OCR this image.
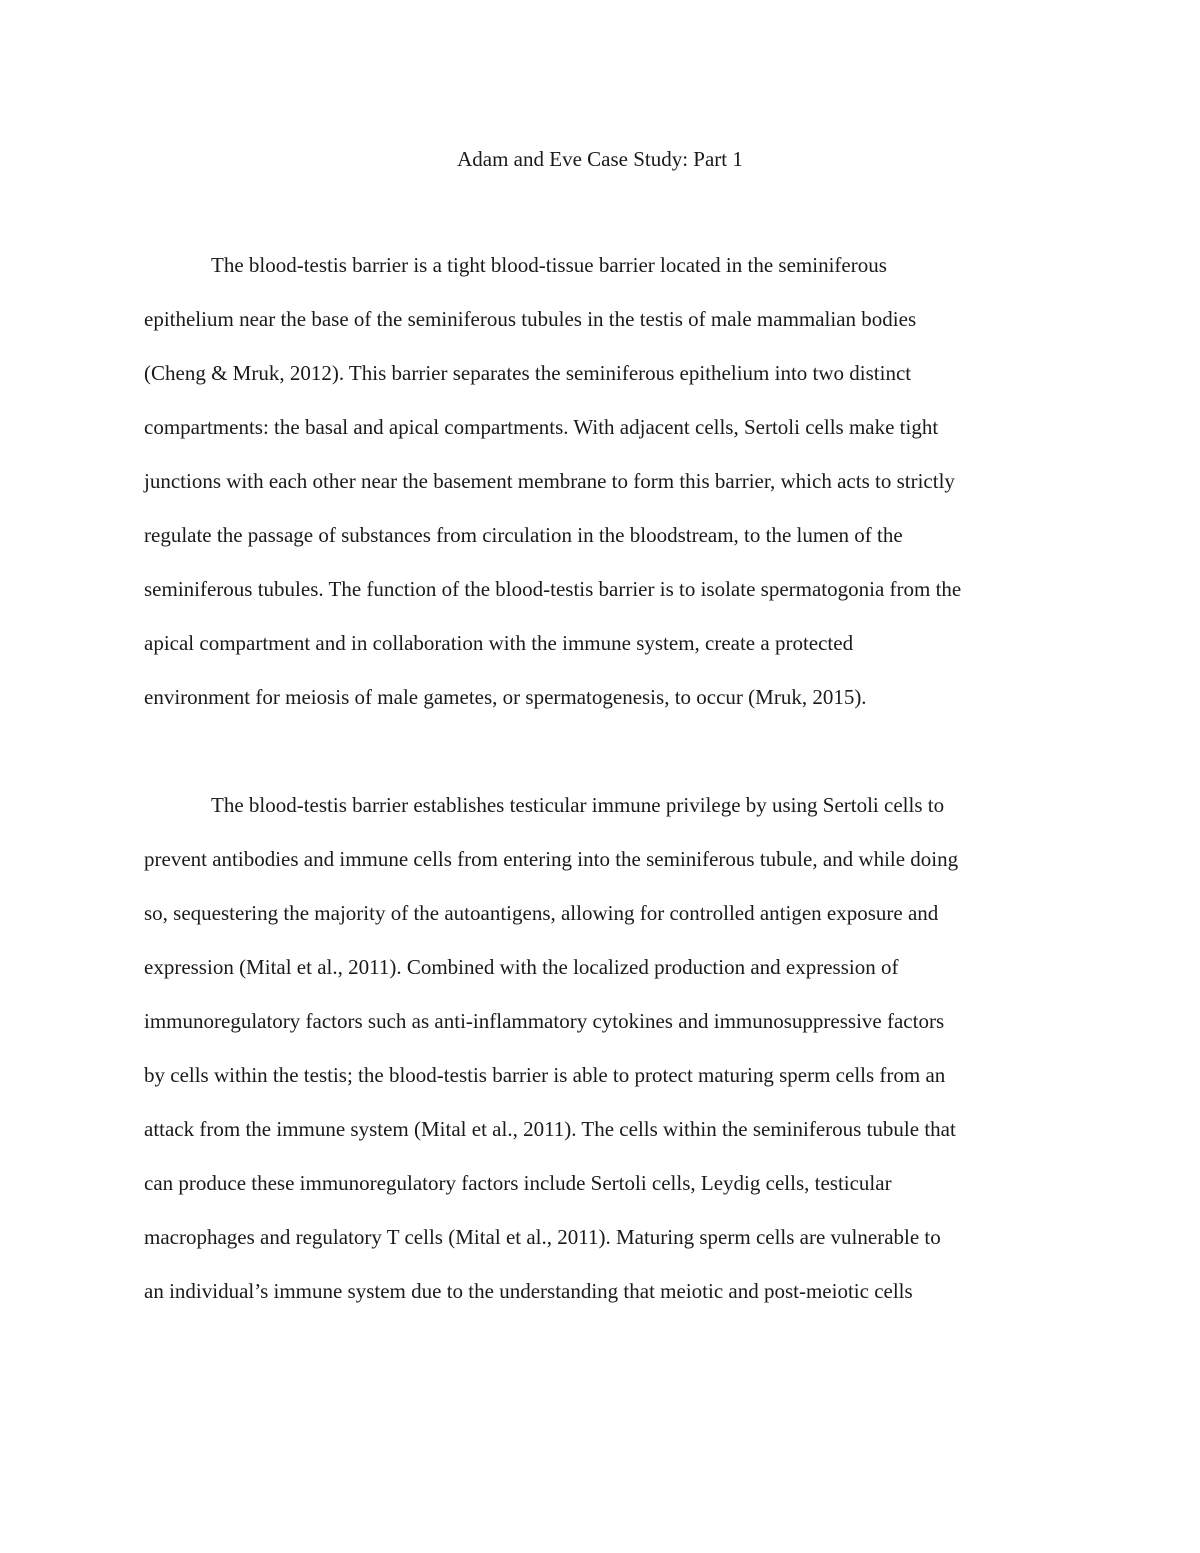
Adam and Eve Case Study: Part 1
The blood-testis barrier is a tight blood-tissue barrier located in the seminiferous
epithelium near the base of the seminiferous tubules in the testis of male mammalian bodies
(Cheng & Mruk, 2012). This barrier separates the seminiferous epithelium into two distinct
compartments: the basal and apical compartments. With adjacent cells, Sertoli cells make tight
junctions with each other near the basement membrane to form this barrier, which acts to strictly
regulate the passage of substances from circulation in the bloodstream, to the lumen of the
seminiferous tubules. The function of the blood-testis barrier is to isolate spermatogonia from the
apical compartment and in collaboration with the immune system, create a protected
environment for meiosis of male gametes, or spermatogenesis, to occur (Mruk, 2015).
The blood-testis barrier establishes testicular immune privilege by using Sertoli cells to
prevent antibodies and immune cells from entering into the seminiferous tubule, and while doing
so, sequestering the majority of the autoantigens, allowing for controlled antigen exposure and
expression (Mital et al., 2011). Combined with the localized production and expression of
immunoregulatory factors such as anti-inflammatory cytokines and immunosuppressive factors
by cells within the testis; the blood-testis barrier is able to protect maturing sperm cells from an
attack from the immune system (Mital et al., 2011). The cells within the seminiferous tubule that
can produce these immunoregulatory factors include Sertoli cells, Leydig cells, testicular
macrophages and regulatory T cells (Mital et al., 2011). Maturing sperm cells are vulnerable to
an individual’s immune system due to the understanding that meiotic and post-meiotic cells
